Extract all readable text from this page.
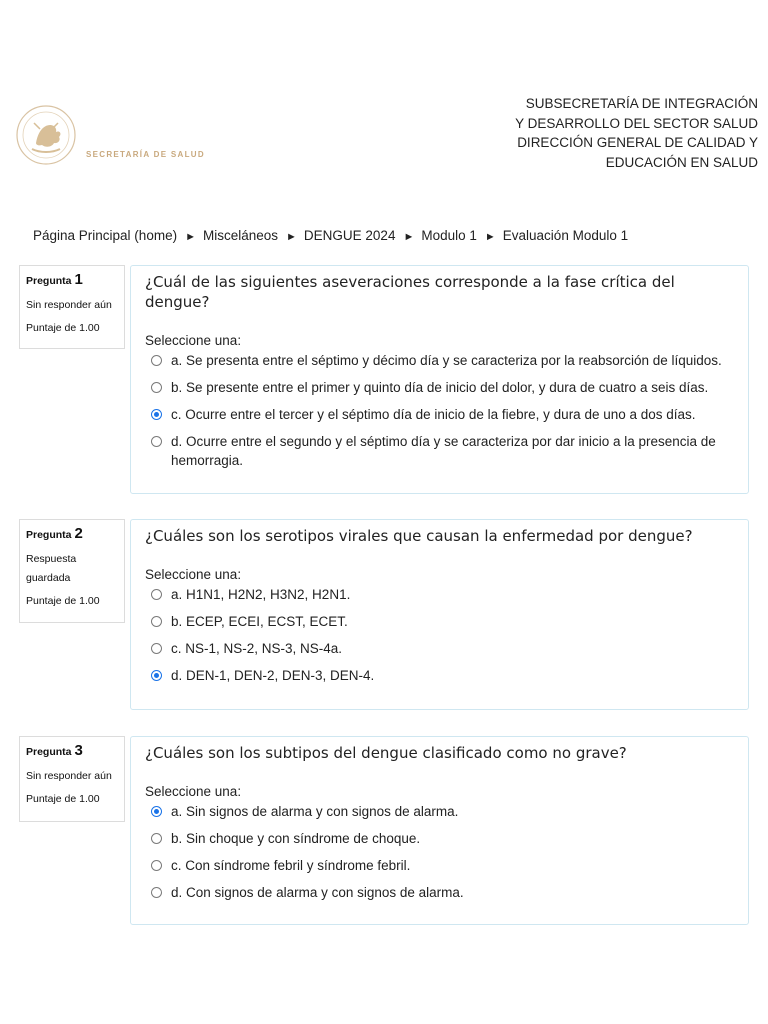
SECRETARÍA DE SALUD
SUBSECRETARÍA DE INTEGRACIÓN
Y DESARROLLO DEL SECTOR SALUD
DIRECCIÓN GENERAL DE CALIDAD Y
EDUCACIÓN EN SALUD
Página Principal (home) ► Misceláneos ► DENGUE 2024 ► Modulo 1 ► Evaluación Modulo 1
Pregunta 1
Sin responder aún
Puntaje de 1.00
¿Cuál de las siguientes aseveraciones corresponde a la fase crítica del dengue?
Seleccione una:
a. Se presenta entre el séptimo y décimo día y se caracteriza por la reabsorción de líquidos.
b. Se presente entre el primer y quinto día de inicio del dolor, y dura de cuatro a seis días.
c. Ocurre entre el tercer y el séptimo día de inicio de la fiebre, y dura de uno a dos días.
d. Ocurre entre el segundo y el séptimo día y se caracteriza por dar inicio a la presencia de hemorragia.
Pregunta 2
Respuesta guardada
Puntaje de 1.00
¿Cuáles son los serotipos virales que causan la enfermedad por dengue?
Seleccione una:
a. H1N1, H2N2, H3N2, H2N1.
b. ECEP, ECEI, ECST, ECET.
c. NS-1, NS-2, NS-3, NS-4a.
d. DEN-1, DEN-2, DEN-3, DEN-4.
Pregunta 3
Sin responder aún
Puntaje de 1.00
¿Cuáles son los subtipos del dengue clasificado como no grave?
Seleccione una:
a. Sin signos de alarma y con signos de alarma.
b. Sin choque y con síndrome de choque.
c. Con síndrome febril y síndrome febril.
d. Con signos de alarma y con signos de alarma.
